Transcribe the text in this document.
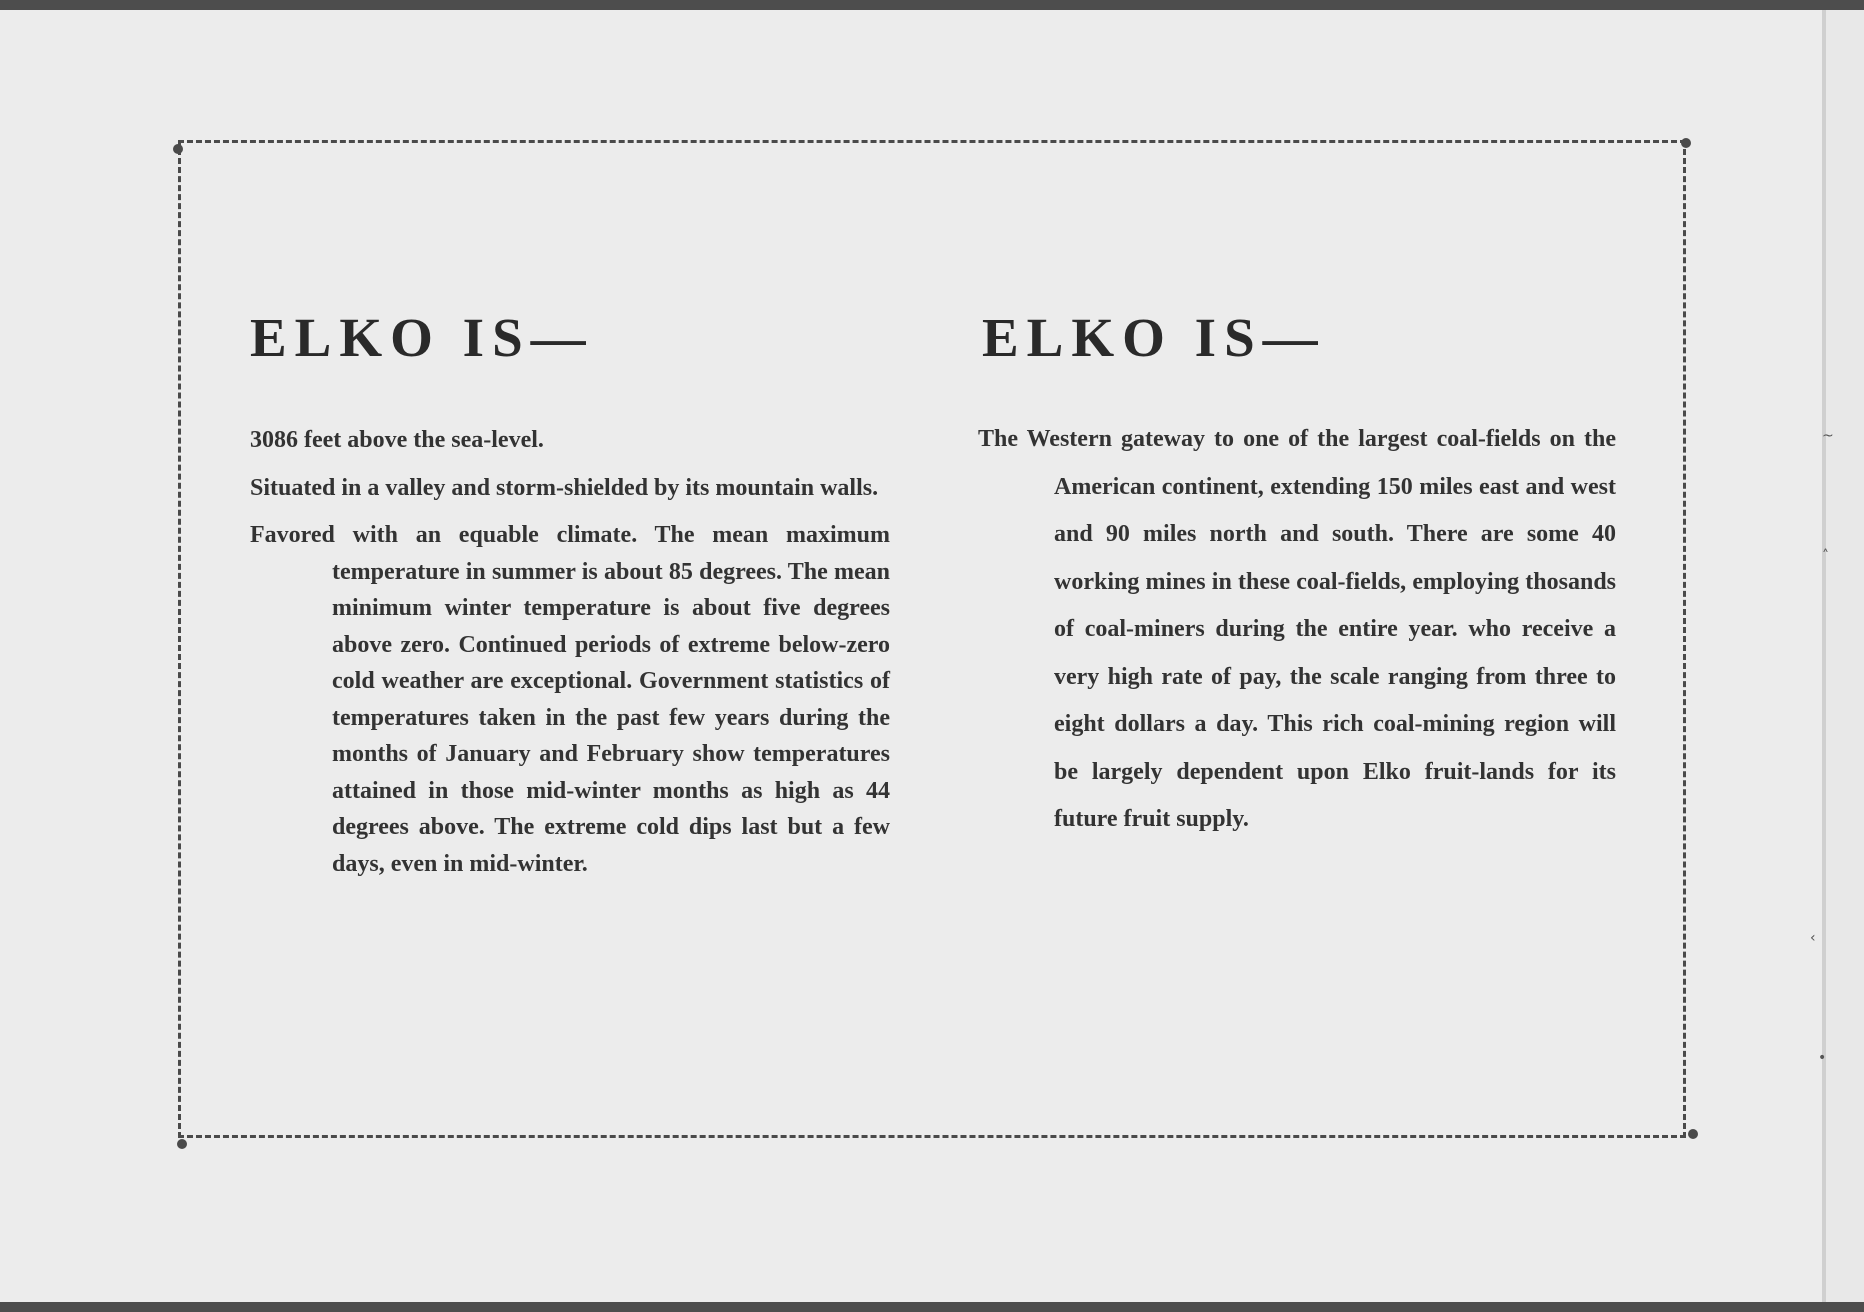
ELKO IS—	ELKO IS—

3086 feet above the sea-level.

Situated in a valley and storm-shielded by its mountain walls.

Favored with an equable climate. The mean maximum temperature in summer is about 85 degrees. The mean minimum winter temperature is about five degrees above zero. Continued periods of extreme below-zero cold weather are exceptional. Government statistics of temperatures taken in the past few years during the months of January and February show temperatures attained in those mid-winter months as high as 44 degrees above. The extreme cold dips last but a few days, even in mid-winter.

The Western gateway to one of the largest coal-fields on the American continent, extending 150 miles east and west and 90 miles north and south. There are some 40 working mines in these coal-fields, employing thosands of coal-miners during the entire year. who receive a very high rate of pay, the scale ranging from three to eight dollars a day. This rich coal-mining region will be largely dependent upon Elko fruit-lands for its future fruit supply.

~
˄
‹
•
